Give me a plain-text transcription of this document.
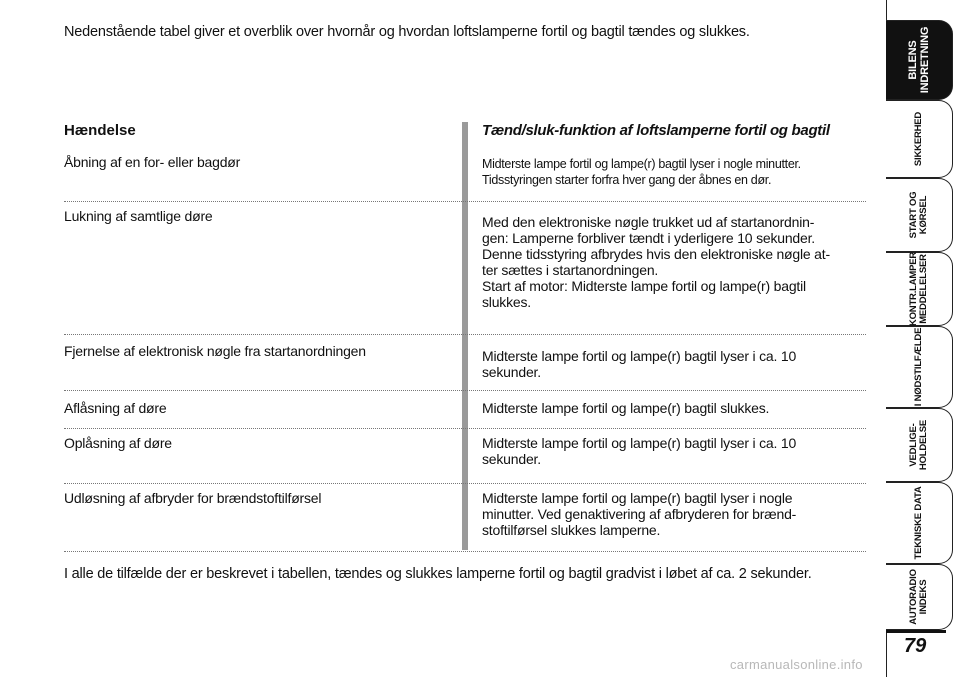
Nedenstående tabel giver et overblik over hvornår og hvordan loftslamperne fortil og bagtil tændes og slukkes.
Hændelse	Tænd/sluk-funktion af loftslamperne fortil og bagtil
Åbning af en for- eller bagdør	Midterste lampe fortil og lampe(r) bagtil lyser i nogle minutter.
Tidsstyringen starter forfra hver gang der åbnes en dør.
Lukning af samtlige døre	Med den elektroniske nøgle trukket ud af startanordnin-
gen: Lamperne forbliver tændt i yderligere 10 sekunder.
Denne tidsstyring afbrydes hvis den elektroniske nøgle at-
ter sættes i startanordningen.
Start af motor: Midterste lampe fortil og lampe(r) bagtil
slukkes.
Fjernelse af elektronisk nøgle fra startanordningen	Midterste lampe fortil og lampe(r) bagtil lyser i ca. 10
sekunder.
Aflåsning af døre	Midterste lampe fortil og lampe(r) bagtil slukkes.
Oplåsning af døre	Midterste lampe fortil og lampe(r) bagtil lyser i ca. 10
sekunder.
Udløsning af afbryder for brændstoftilførsel	Midterste lampe fortil og lampe(r) bagtil lyser i nogle
minutter. Ved genaktivering af afbryderen for brænd-
stoftilførsel slukkes lamperne.
I alle de tilfælde der er beskrevet i tabellen, tændes og slukkes lamperne fortil og bagtil gradvist i løbet af ca. 2 sekunder.
BILENS
INDRETNING
SIKKERHED
START OG
KØRSEL
KONTR.LAMPER
MEDDELELSER
I NØDSTILFÆLDE
VEDLIGE-
HOLDELSE
TEKNISKE DATA
AUTORADIO
INDEKS
79
carmanualsonline.info
